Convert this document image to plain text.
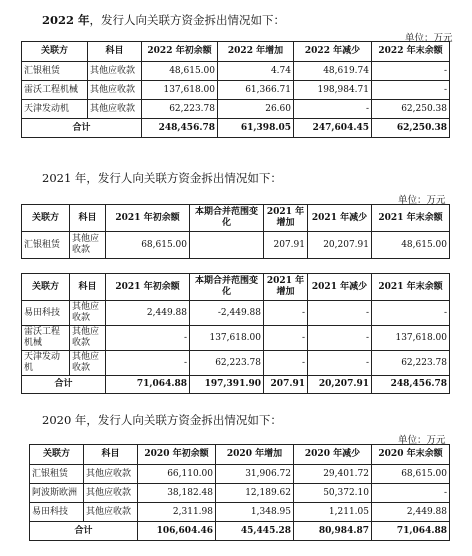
2022 年，发行人向关联方资金拆出情况如下：
单位：万元
关联方	科目	2022 年初余额	2022 年增加	2022 年减少	2022 年末余额
汇银租赁	其他应收款	48,615.00	4.74	48,619.74	-
雷沃工程机械	其他应收款	137,618.00	61,366.71	198,984.71	-
天津发动机	其他应收款	62,223.78	26.60	-	62,250.38
合计		248,456.78	61,398.05	247,604.45	62,250.38
2021 年，发行人向关联方资金拆出情况如下：
单位：万元
关联方	科目	2021 年初余额	本期合并范围变化	2021 年增加	2021 年减少	2021 年末余额
汇银租赁	其他应收款	68,615.00		207.91	20,207.91	48,615.00
关联方	科目	2021 年初余额	本期合并范围变化	2021 年增加	2021 年减少	2021 年末余额
易田科技	其他应收款	2,449.88	-2,449.88	-	-	-
雷沃工程机械	其他应收款	-	137,618.00	-	-	137,618.00
天津发动机	其他应收款	-	62,223.78	-	-	62,223.78
合计		71,064.88	197,391.90	207.91	20,207.91	248,456.78
2020 年，发行人向关联方资金拆出情况如下：
单位：万元
关联方	科目	2020 年初余额	2020 年增加	2020 年减少	2020 年末余额
汇银租赁	其他应收款	66,110.00	31,906.72	29,401.72	68,615.00
阿波斯欧洲	其他应收款	38,182.48	12,189.62	50,372.10	-
易田科技	其他应收款	2,311.98	1,348.95	1,211.05	2,449.88
合计		106,604.46	45,445.28	80,984.87	71,064.88
